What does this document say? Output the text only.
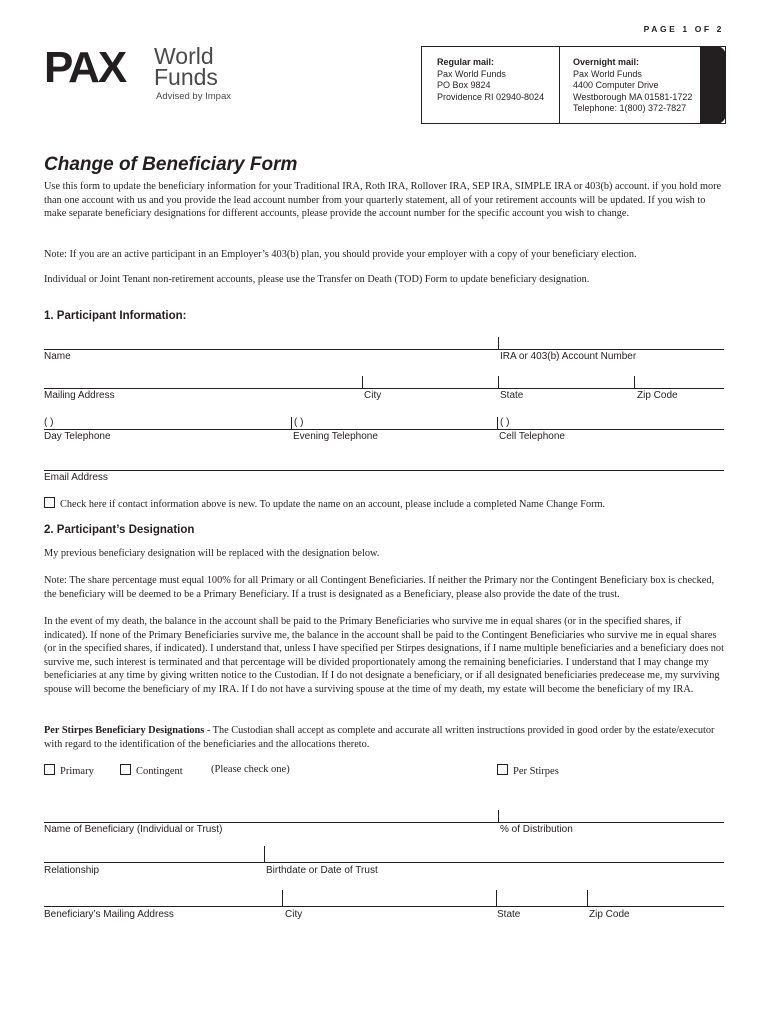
PAGE 1 OF 2
PAX World
Funds
Advised by Impax
Regular mail:
Pax World Funds
PO Box 9824
Providence RI 02940-8024
Overnight mail:
Pax World Funds
4400 Computer Drive
Westborough MA 01581-1722
Telephone: 1(800) 372-7827
Change of Beneficiary Form
Use this form to update the beneficiary information for your Traditional IRA, Roth IRA, Rollover IRA, SEP IRA, SIMPLE IRA or 403(b) account. if you hold more than one account with us and you provide the lead account number from your quarterly statement, all of your retirement accounts will be updated. If you wish to make separate beneficiary designations for different accounts, please provide the account number for the specific account you wish to change.
Note: If you are an active participant in an Employer’s 403(b) plan, you should provide your employer with a copy of your beneficiary election.
Individual or Joint Tenant non-retirement accounts, please use the Transfer on Death (TOD) Form to update beneficiary designation.
1. Participant Information:
Name	IRA or 403(b) Account Number
Mailing Address	City	State	Zip Code
( )	( )	( )
Day Telephone	Evening Telephone	Cell Telephone
Email Address
Check here if contact information above is new. To update the name on an account, please include a completed Name Change Form.
2. Participant’s Designation
My previous beneficiary designation will be replaced with the designation below.
Note: The share percentage must equal 100% for all Primary or all Contingent Beneficiaries. If neither the Primary nor the Contingent Beneficiary box is checked, the beneficiary will be deemed to be a Primary Beneficiary. If a trust is designated as a Beneficiary, please also provide the date of the trust.
In the event of my death, the balance in the account shall be paid to the Primary Beneficiaries who survive me in equal shares (or in the specified shares, if indicated). If none of the Primary Beneficiaries survive me, the balance in the account shall be paid to the Contingent Beneficiaries who survive me in equal shares (or in the specified shares, if indicated). I understand that, unless I have specified per Stirpes designations, if I name multiple beneficiaries and a beneficiary does not survive me, such interest is terminated and that percentage will be divided proportionately among the remaining beneficiaries. I understand that I may change my beneficiaries at any time by giving written notice to the Custodian. If I do not designate a beneficiary, or if all designated beneficiaries predecease me, my surviving spouse will become the beneficiary of my IRA. If I do not have a surviving spouse at the time of my death, my estate will become the beneficiary of my IRA.
Per Stirpes Beneficiary Designations - The Custodian shall accept as complete and accurate all written instructions provided in good order by the estate/executor with regard to the identification of the beneficiaries and the allocations thereto.
Primary	Contingent	(Please check one)	Per Stirpes
Name of Beneficiary (Individual or Trust)	% of Distribution
Relationship	Birthdate or Date of Trust
Beneficiary’s Mailing Address	City	State	Zip Code
